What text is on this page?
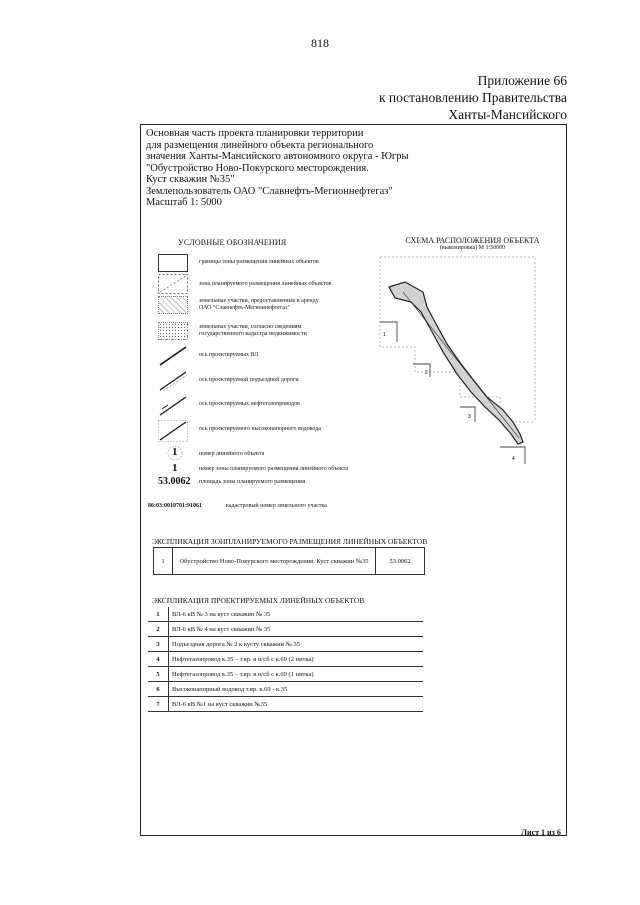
818
Приложение 66
к постановлению Правительства
Ханты-Мансийского
Основная часть проекта планировки территории
для размещения линейного объекта регионального
значения Ханты-Мансийского автономного округа - Югры
"Обустройство Ново-Покурского месторождения.
Куст скважин №35"
Землепользователь ОАО "Славнефть-Мегионнефтегаз"
Масштаб 1: 5000
УСЛОВНЫЕ ОБОЗНАЧЕНИЯ
границы зоны размещения линейных объектов
зона планируемого размещения линейных объектов
земельные участки, предоставленные в аренду
ОАО "Славнефть-Мегионнефтегаз"
земельные участки, согласно сведениям
государственного кадастра недвижимости
ось проектируемых ВЛ
ось проектируемой подъездной дороги
ось проектируемых нефтегазопроводов
ось проектируемого высоконапорного водовода
1	номер линейного объекта
1	номер зоны планируемого размещения линейного объекта
53.0062 площадь зоны планируемого размещения
86:03:0010701:91061	кадастровый номер земельного участка
СХЕМА РАСПОЛОЖЕНИЯ ОБЪЕКТА
(выкопировка) М 1:50000
1
2
3
4
ЭКСПЛИКАЦИЯ ЗОНПЛАНИРУЕМОГО РАЗМЕЩЕНИЯ ЛИНЕЙНЫХ ОБЪЕКТОВ
1	Обустройство Ново-Покурского месторождения. Куст скважин №35	53.0062
ЭКСПЛИКАЦИЯ ПРОЕКТИРУЕМЫХ ЛИНЕЙНЫХ ОБЪЕКТОВ
1	ВЛ-6 кВ № 3 на куст скважин № 35
2	ВЛ-6 кВ № 4 на куст скважин № 35
3	Подъездная дорога № 2 к кусту скважин № 35
4	Нефтегазопровод к.35 – т.вр. в н/сб с к.69 (2 нитка)
5	Нефтегазопровод к.35 – т.вр. в н/сб с к.69 (1 нитка)
6	Высоконапорный водовод т.вр. к.69 - к.35
7	ВЛ-6 кВ №1 на куст скважин №35
Лист 1 из 6
